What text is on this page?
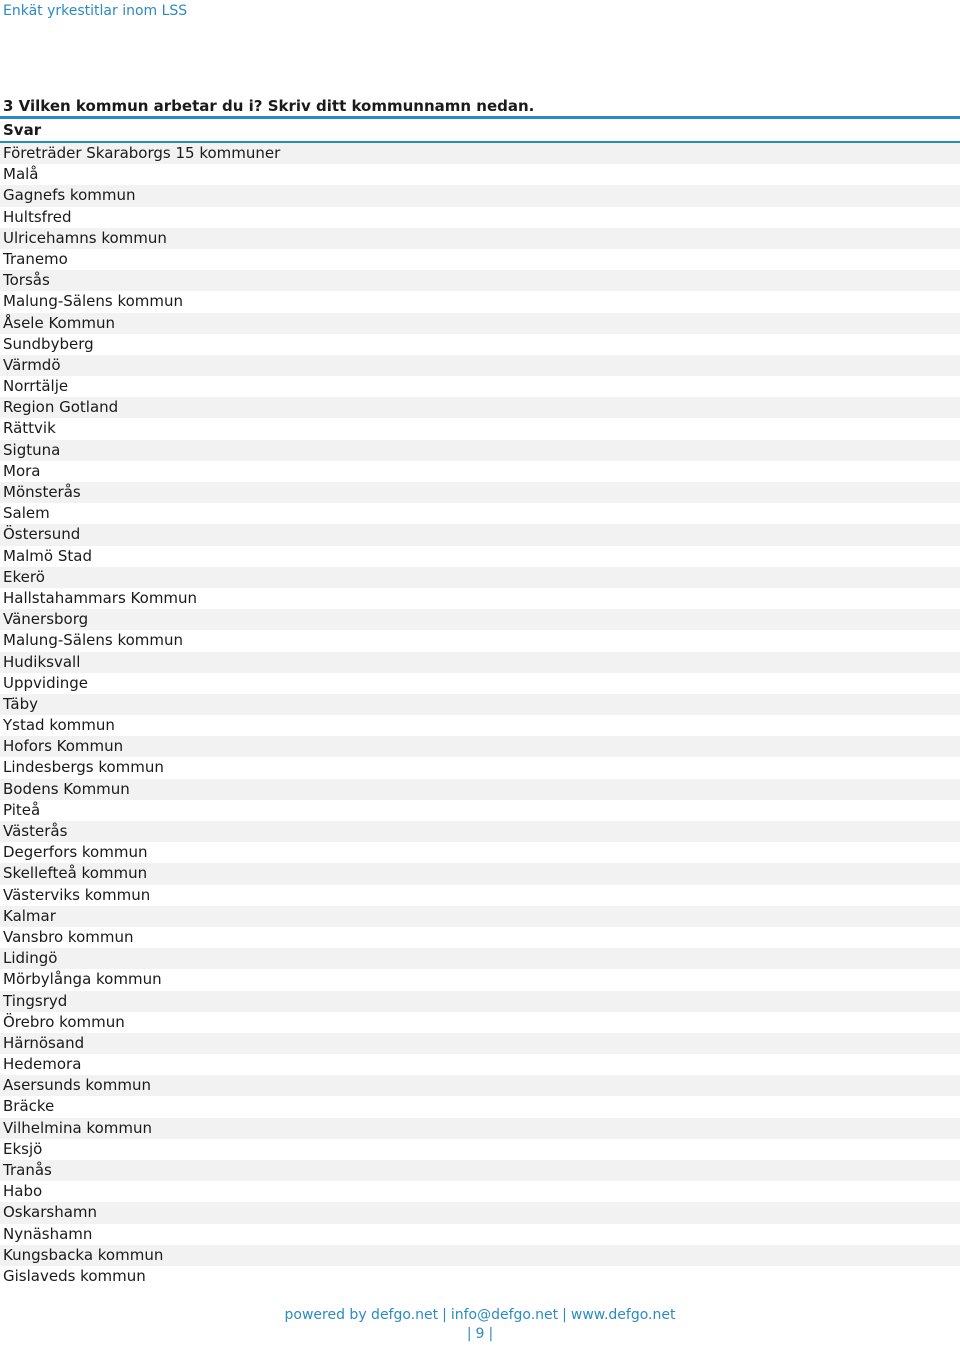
Enkät yrkestitlar inom LSS
3 Vilken kommun arbetar du i? Skriv ditt kommunnamn nedan.
Svar
Företräder Skaraborgs 15 kommuner
Malå
Gagnefs kommun
Hultsfred
Ulricehamns kommun
Tranemo
Torsås
Malung-Sälens kommun
Åsele Kommun
Sundbyberg
Värmdö
Norrtälje
Region Gotland
Rättvik
Sigtuna
Mora
Mönsterås
Salem
Östersund
Malmö Stad
Ekerö
Hallstahammars Kommun
Vänersborg
Malung-Sälens kommun
Hudiksvall
Uppvidinge
Täby
Ystad kommun
Hofors Kommun
Lindesbergs kommun
Bodens Kommun
Piteå
Västerås
Degerfors kommun
Skellefteå kommun
Västerviks kommun
Kalmar
Vansbro kommun
Lidingö
Mörbylånga kommun
Tingsryd
Örebro kommun
Härnösand
Hedemora
Asersunds kommun
Bräcke
Vilhelmina kommun
Eksjö
Tranås
Habo
Oskarshamn
Nynäshamn
Kungsbacka kommun
Gislaveds kommun
powered by defgo.net | info@defgo.net | www.defgo.net
| 9 |
